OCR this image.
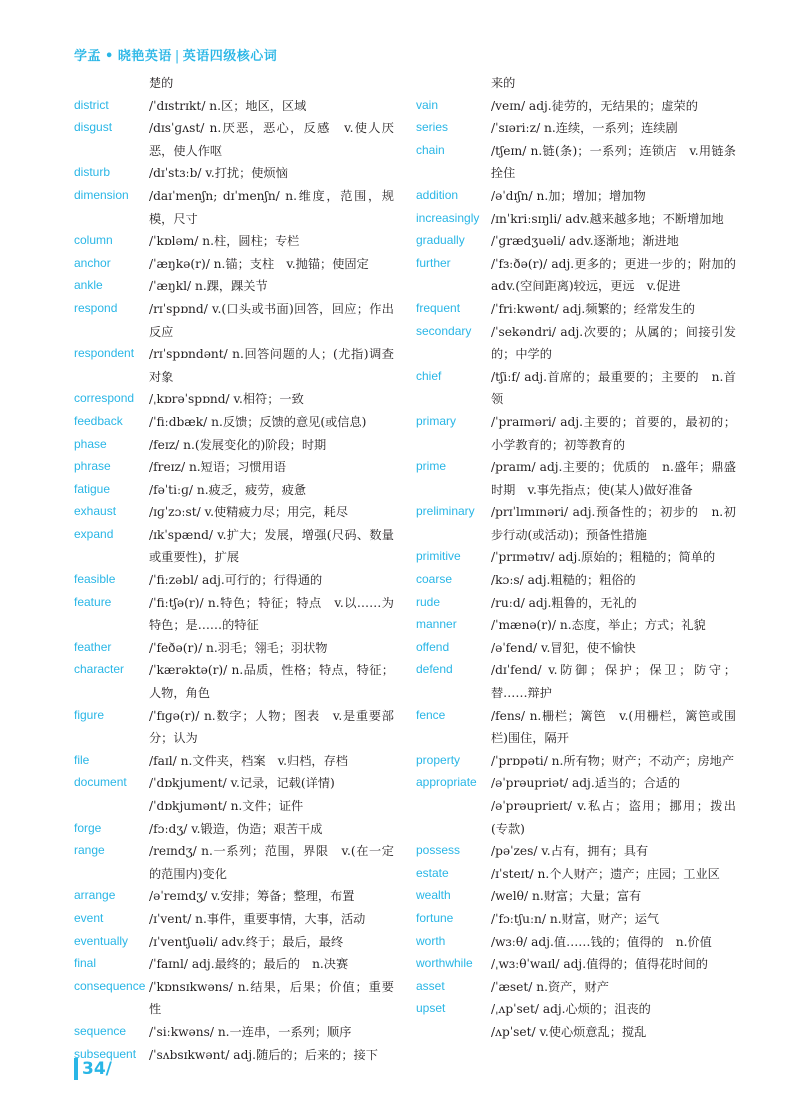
学孟 • 晓艳英语 | 英语四级核心词
楚的
district	/ˈdɪstrɪkt/ n.区；地区，区域
disgust	/dɪsˈɡʌst/ n.厌恶，恶心，反感　v.使人厌恶，使人作呕
disturb	/dɪˈstɜːb/ v.打扰；使烦恼
dimension	/daɪˈmenʃn; dɪˈmenʃn/ n.维度，范围，规模，尺寸
column	/ˈkɒləm/ n.柱，圆柱；专栏
anchor	/ˈæŋkə(r)/ n.锚；支柱　v.抛锚；使固定
ankle	/ˈæŋkl/ n.踝，踝关节
respond	/rɪˈspɒnd/ v.(口头或书面)回答，回应；作出反应
respondent	/rɪˈspɒndənt/ n.回答问题的人；(尤指)调查对象
correspond	/ˌkɒrəˈspɒnd/ v.相符；一致
feedback	/ˈfiːdbæk/ n.反馈；反馈的意见(或信息)
phase	/feɪz/ n.(发展变化的)阶段；时期
phrase	/freɪz/ n.短语；习惯用语
fatigue	/fəˈtiːɡ/ n.疲乏，疲劳，疲惫
exhaust	/ɪɡˈzɔːst/ v.使精疲力尽；用完，耗尽
expand	/ɪkˈspænd/ v.扩大；发展，增强(尺码、数量或重要性)，扩展
feasible	/ˈfiːzəbl/ adj.可行的；行得通的
feature	/ˈfiːtʃə(r)/ n.特色；特征；特点　v.以……为特色；是……的特征
feather	/ˈfeðə(r)/ n.羽毛；翎毛；羽状物
character	/ˈkærəktə(r)/ n.品质，性格；特点，特征；人物，角色
figure	/ˈfɪɡə(r)/ n.数字；人物；图表　v.是重要部分；认为
file	/faɪl/ n.文件夹，档案　v.归档，存档
document	/ˈdɒkjument/ v.记录，记载(详情)
/ˈdɒkjumənt/ n.文件；证件
forge	/fɔːdʒ/ v.锻造，伪造；艰苦干成
range	/reɪndʒ/ n.一系列；范围，界限　v.(在一定的范围内)变化
arrange	/əˈreɪndʒ/ v.安排；筹备；整理，布置
event	/ɪˈvent/ n.事件，重要事情，大事，活动
eventually	/ɪˈventʃuəli/ adv.终于；最后，最终
final	/ˈfaɪnl/ adj.最终的；最后的　n.决赛
consequence /ˈkɒnsɪkwəns/ n.结果，后果；价值；重要性
sequence	/ˈsiːkwəns/ n.一连串，一系列；顺序
subsequent	/ˈsʌbsɪkwənt/ adj.随后的；后来的；接下
来的
vain	/veɪn/ adj.徒劳的，无结果的；虚荣的
series	/ˈsɪəriːz/ n.连续，一系列；连续剧
chain	/tʃeɪn/ n.链(条)；一系列；连锁店　v.用链条拴住
addition	/əˈdɪʃn/ n.加；增加；增加物
increasingly /ɪnˈkriːsɪŋli/ adv.越来越多地；不断增加地
gradually	/ˈɡrædʒuəli/ adv.逐渐地；渐进地
further	/ˈfɜːðə(r)/ adj.更多的；更进一步的；附加的　adv.(空间距离)较远，更远　v.促进
frequent	/ˈfriːkwənt/ adj.频繁的；经常发生的
secondary	/ˈsekəndri/ adj.次要的；从属的；间接引发的；中学的
chief	/tʃiːf/ adj.首席的；最重要的；主要的　n.首领
primary	/ˈpraɪməri/ adj.主要的；首要的，最初的；小学教育的；初等教育的
prime	/praɪm/ adj.主要的；优质的　n.盛年；鼎盛时期　v.事先指点；使(某人)做好准备
preliminary	/prɪˈlɪmɪnəri/ adj.预备性的；初步的　n.初步行动(或活动)；预备性措施
primitive	/ˈprɪmətɪv/ adj.原始的；粗糙的；简单的
coarse	/kɔːs/ adj.粗糙的；粗俗的
rude	/ruːd/ adj.粗鲁的，无礼的
manner	/ˈmænə(r)/ n.态度，举止；方式；礼貌
offend	/əˈfend/ v.冒犯，使不愉快
defend	/dɪˈfend/ v.防御；保护；保卫；防守；替……辩护
fence	/fens/ n.栅栏；篱笆　v.(用栅栏，篱笆或围栏)围住，隔开
property	/ˈprɒpəti/ n.所有物；财产；不动产；房地产
appropriate	/əˈprəupriət/ adj.适当的；合适的
/əˈprəuprieɪt/ v.私占；盗用；挪用；拨出(专款)
possess	/pəˈzes/ v.占有，拥有；具有
estate	/ɪˈsteɪt/ n.个人财产；遗产；庄园；工业区
wealth	/welθ/ n.财富；大量；富有
fortune	/ˈfɔːtʃuːn/ n.财富，财产；运气
worth	/wɜːθ/ adj.值……钱的；值得的　n.价值
worthwhile	/ˌwɜːθˈwaɪl/ adj.值得的；值得花时间的
asset	/ˈæset/ n.资产，财产
upset	/ˌʌpˈset/ adj.心烦的；沮丧的
/ʌpˈset/ v.使心烦意乱；搅乱
34/
